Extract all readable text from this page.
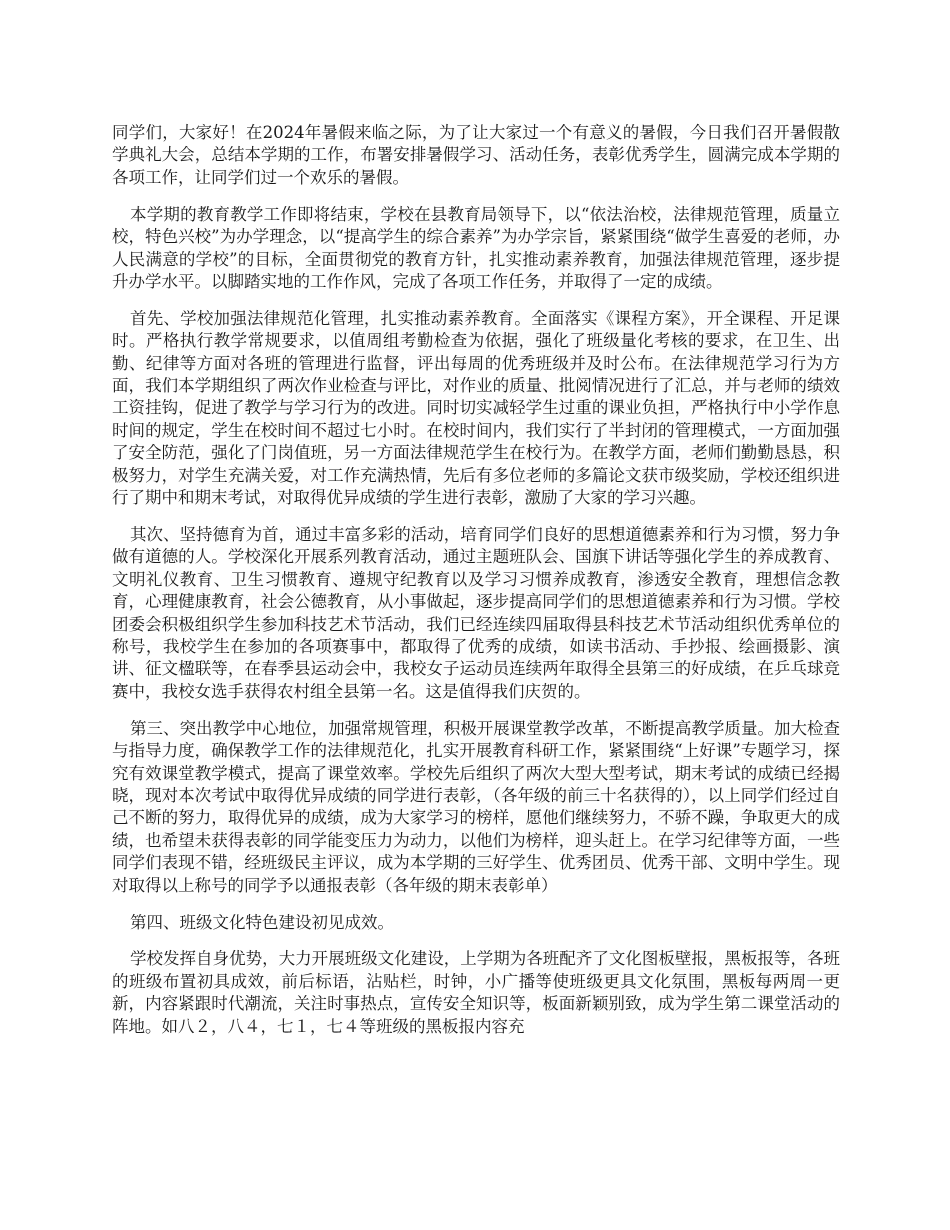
同学们，大家好！在2024年暑假来临之际，为了让大家过一个有意义的暑假，今日我们召开暑假散学典礼大会，总结本学期的工作，布署安排暑假学习、活动任务，表彰优秀学生，圆满完成本学期的各项工作，让同学们过一个欢乐的暑假。

本学期的教育教学工作即将结束，学校在县教育局领导下，以“依法治校，法律规范管理，质量立校，特色兴校”为办学理念，以“提高学生的综合素养”为办学宗旨，紧紧围绕“做学生喜爱的老师，办人民满意的学校”的目标，全面贯彻党的教育方针，扎实推动素养教育，加强法律规范管理，逐步提升办学水平。以脚踏实地的工作作风，完成了各项工作任务，并取得了一定的成绩。

首先、学校加强法律规范化管理，扎实推动素养教育。全面落实《课程方案》，开全课程、开足课时。严格执行教学常规要求，以值周组考勤检查为依据，强化了班级量化考核的要求，在卫生、出勤、纪律等方面对各班的管理进行监督，评出每周的优秀班级并及时公布。在法律规范学习行为方面，我们本学期组织了两次作业检查与评比，对作业的质量、批阅情况进行了汇总，并与老师的绩效工资挂钩，促进了教学与学习行为的改进。同时切实减轻学生过重的课业负担，严格执行中小学作息时间的规定，学生在校时间不超过七小时。在校时间内，我们实行了半封闭的管理模式，一方面加强了安全防范，强化了门岗值班，另一方面法律规范学生在校行为。在教学方面，老师们勤勤恳恳，积极努力，对学生充满关爱，对工作充满热情，先后有多位老师的多篇论文获市级奖励，学校还组织进行了期中和期末考试，对取得优异成绩的学生进行表彰，激励了大家的学习兴趣。

其次、坚持德育为首，通过丰富多彩的活动，培育同学们良好的思想道德素养和行为习惯，努力争做有道德的人。学校深化开展系列教育活动，通过主题班队会、国旗下讲话等强化学生的养成教育、文明礼仪教育、卫生习惯教育、遵规守纪教育以及学习习惯养成教育，渗透安全教育，理想信念教育，心理健康教育，社会公德教育，从小事做起，逐步提高同学们的思想道德素养和行为习惯。学校团委会积极组织学生参加科技艺术节活动，我们已经连续四届取得县科技艺术节活动组织优秀单位的称号，我校学生在参加的各项赛事中，都取得了优秀的成绩，如读书活动、手抄报、绘画摄影、演讲、征文楹联等，在春季县运动会中，我校女子运动员连续两年取得全县第三的好成绩，在乒乓球竞赛中，我校女选手获得农村组全县第一名。这是值得我们庆贺的。

第三、突出教学中心地位，加强常规管理，积极开展课堂教学改革，不断提高教学质量。加大检查与指导力度，确保教学工作的法律规范化，扎实开展教育科研工作，紧紧围绕“上好课”专题学习，探究有效课堂教学模式，提高了课堂效率。学校先后组织了两次大型大型考试，期末考试的成绩已经揭晓，现对本次考试中取得优异成绩的同学进行表彰，（各年级的前三十名获得的），以上同学们经过自己不断的努力，取得优异的成绩，成为大家学习的榜样，愿他们继续努力，不骄不躁，争取更大的成绩，也希望未获得表彰的同学能变压力为动力，以他们为榜样，迎头赶上。在学习纪律等方面，一些同学们表现不错，经班级民主评议，成为本学期的三好学生、优秀团员、优秀干部、文明中学生。现对取得以上称号的同学予以通报表彰（各年级的期末表彰单）

第四、班级文化特色建设初见成效。

学校发挥自身优势，大力开展班级文化建设，上学期为各班配齐了文化图板壁报，黑板报等，各班的班级布置初具成效，前后标语，沾贴栏，时钟，小广播等使班级更具文化氛围，黑板每两周一更新，内容紧跟时代潮流，关注时事热点，宣传安全知识等，板面新颖别致，成为学生第二课堂活动的阵地。如八２，八４，七１，七４等班级的黑板报内容充
